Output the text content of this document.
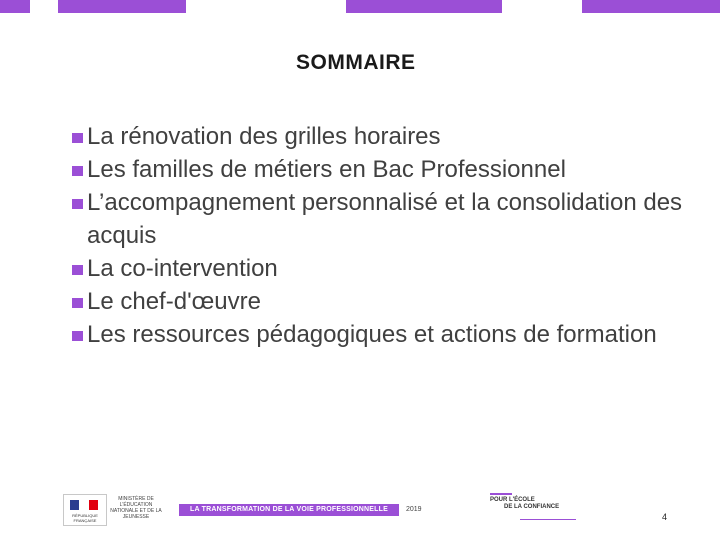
SOMMAIRE
La rénovation des grilles horaires
Les familles de métiers en Bac Professionnel
L’accompagnement personnalisé et la consolidation des acquis
La co-intervention
Le chef-d'œuvre
Les ressources pédagogiques et actions de formation
RÉPUBLIQUE FRANÇAISE
MINISTÈRE DE L'ÉDUCATION NATIONALE ET DE LA JEUNESSE
LA TRANSFORMATION DE LA VOIE PROFESSIONNELLE	2019
POUR L'ÉCOLE
DE LA CONFIANCE
4
